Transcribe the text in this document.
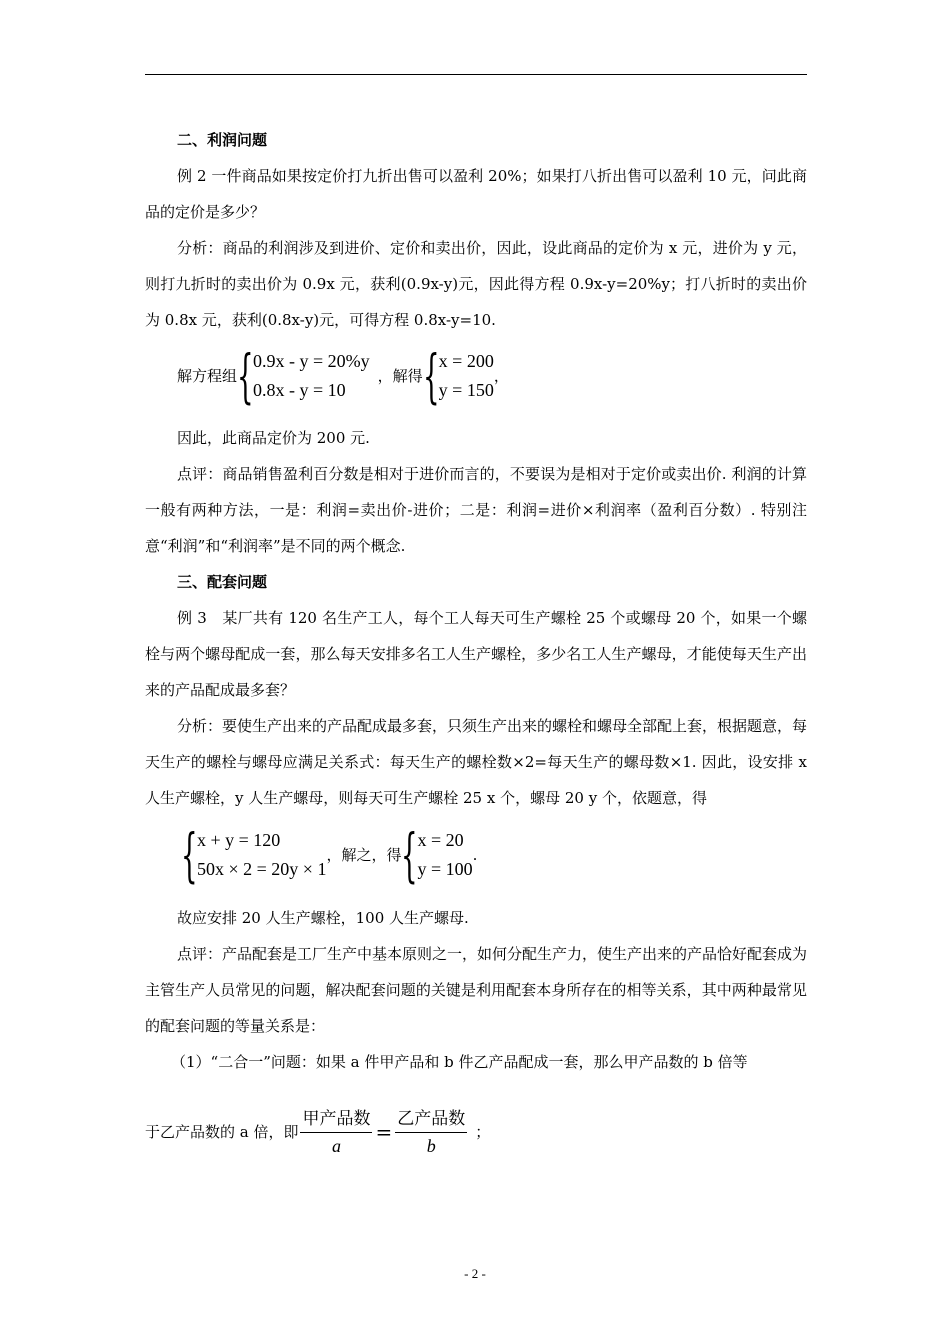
二、利润问题

例 2 一件商品如果按定价打九折出售可以盈利 20%；如果打八折出售可以盈利 10 元，问此商品的定价是多少？

分析：商品的利润涉及到进价、定价和卖出价，因此，设此商品的定价为 x 元，进价为 y 元，则打九折时的卖出价为 0.9x 元，获利(0.9x-y)元，因此得方程 0.9x-y=20%y；打八折时的卖出价为 0.8x 元，获利(0.8x-y)元，可得方程 0.8x-y=10.

解方程组 { 0.9x - y = 20%y
0.8x - y = 10
，解得 { x = 200
y = 150
，

因此，此商品定价为 200 元.

点评：商品销售盈利百分数是相对于进价而言的，不要误为是相对于定价或卖出价. 利润的计算一般有两种方法，一是：利润=卖出价-进价；二是：利润=进价×利润率（盈利百分数）. 特别注意“利润”和“利润率”是不同的两个概念.

三、配套问题

例 3　某厂共有 120 名生产工人，每个工人每天可生产螺栓 25 个或螺母 20 个，如果一个螺栓与两个螺母配成一套，那么每天安排多名工人生产螺栓，多少名工人生产螺母，才能使每天生产出来的产品配成最多套？

分析：要使生产出来的产品配成最多套，只须生产出来的螺栓和螺母全部配上套，根据题意，每天生产的螺栓与螺母应满足关系式：每天生产的螺栓数×2=每天生产的螺母数×1. 因此，设安排 x 人生产螺栓，y 人生产螺母，则每天可生产螺栓 25 x 个，螺母 20 y 个，依题意，得

{ x + y = 120
50x × 2 = 20y × 1
，解之，得 { x = 20
y = 100
.

故应安排 20 人生产螺栓，100 人生产螺母.

点评：产品配套是工厂生产中基本原则之一，如何分配生产力，使生产出来的产品恰好配套成为主管生产人员常见的问题，解决配套问题的关键是利用配套本身所存在的相等关系，其中两种最常见的配套问题的等量关系是：

（1）“二合一”问题：如果 a 件甲产品和 b 件乙产品配成一套，那么甲产品数的 b 倍等

于乙产品数的 a 倍，即 $\frac{\text{甲产品数}}{a} = \frac{\text{乙产品数}}{b}$ ；
- 2 -
